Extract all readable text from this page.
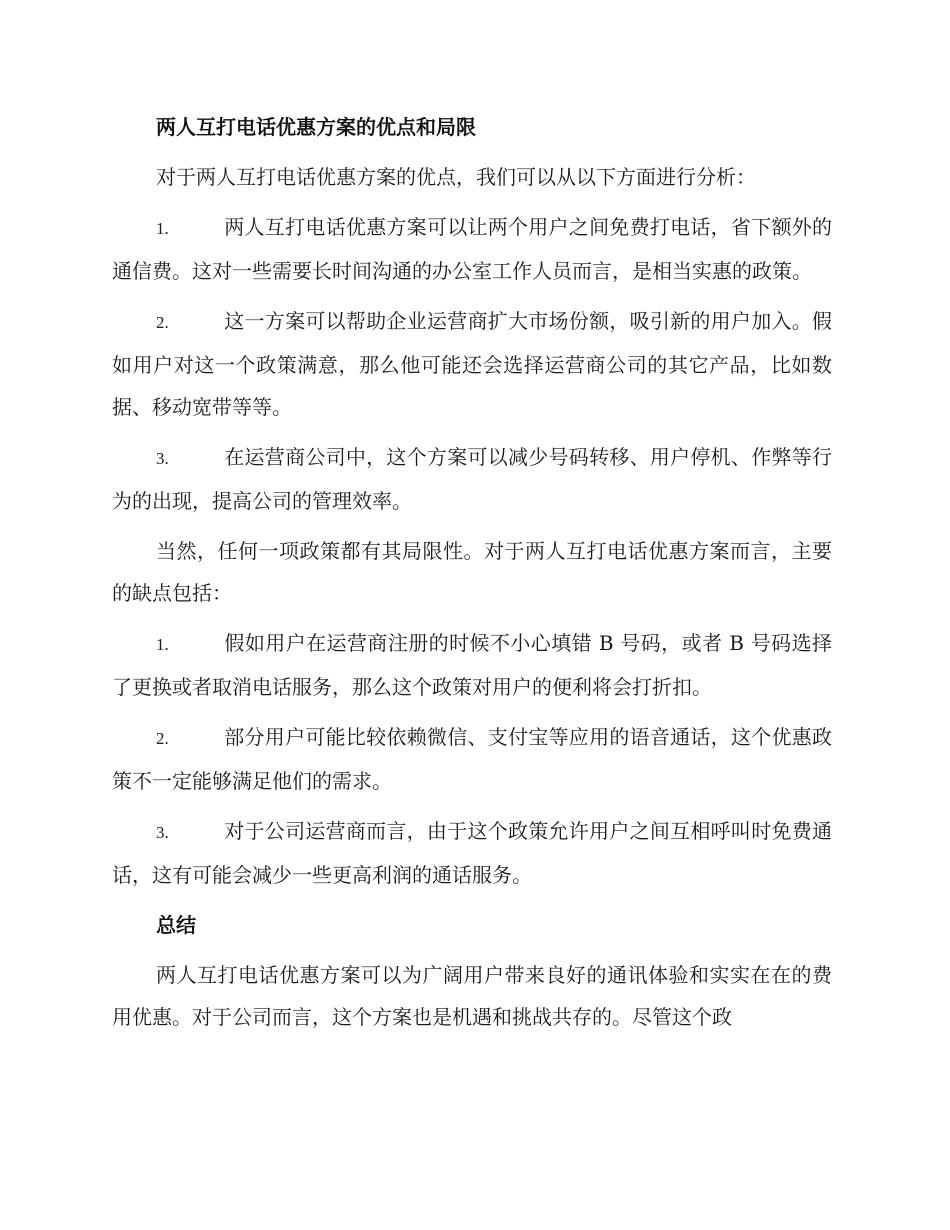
两人互打电话优惠方案的优点和局限

对于两人互打电话优惠方案的优点，我们可以从以下方面进行分析：

1.	两人互打电话优惠方案可以让两个用户之间免费打电话，省下额外的通信费。这对一些需要长时间沟通的办公室工作人员而言，是相当实惠的政策。
2.	这一方案可以帮助企业运营商扩大市场份额，吸引新的用户加入。假如用户对这一个政策满意，那么他可能还会选择运营商公司的其它产品，比如数据、移动宽带等等。
3.	在运营商公司中，这个方案可以减少号码转移、用户停机、作弊等行为的出现，提高公司的管理效率。

当然，任何一项政策都有其局限性。对于两人互打电话优惠方案而言，主要的缺点包括：

1.	假如用户在运营商注册的时候不小心填错 B 号码，或者 B 号码选择了更换或者取消电话服务，那么这个政策对用户的便利将会打折扣。
2.	部分用户可能比较依赖微信、支付宝等应用的语音通话，这个优惠政策不一定能够满足他们的需求。
3.	对于公司运营商而言，由于这个政策允许用户之间互相呼叫时免费通话，这有可能会减少一些更高利润的通话服务。
总结

两人互打电话优惠方案可以为广阔用户带来良好的通讯体验和实实在在的费用优惠。对于公司而言，这个方案也是机遇和挑战共存的。尽管这个政
